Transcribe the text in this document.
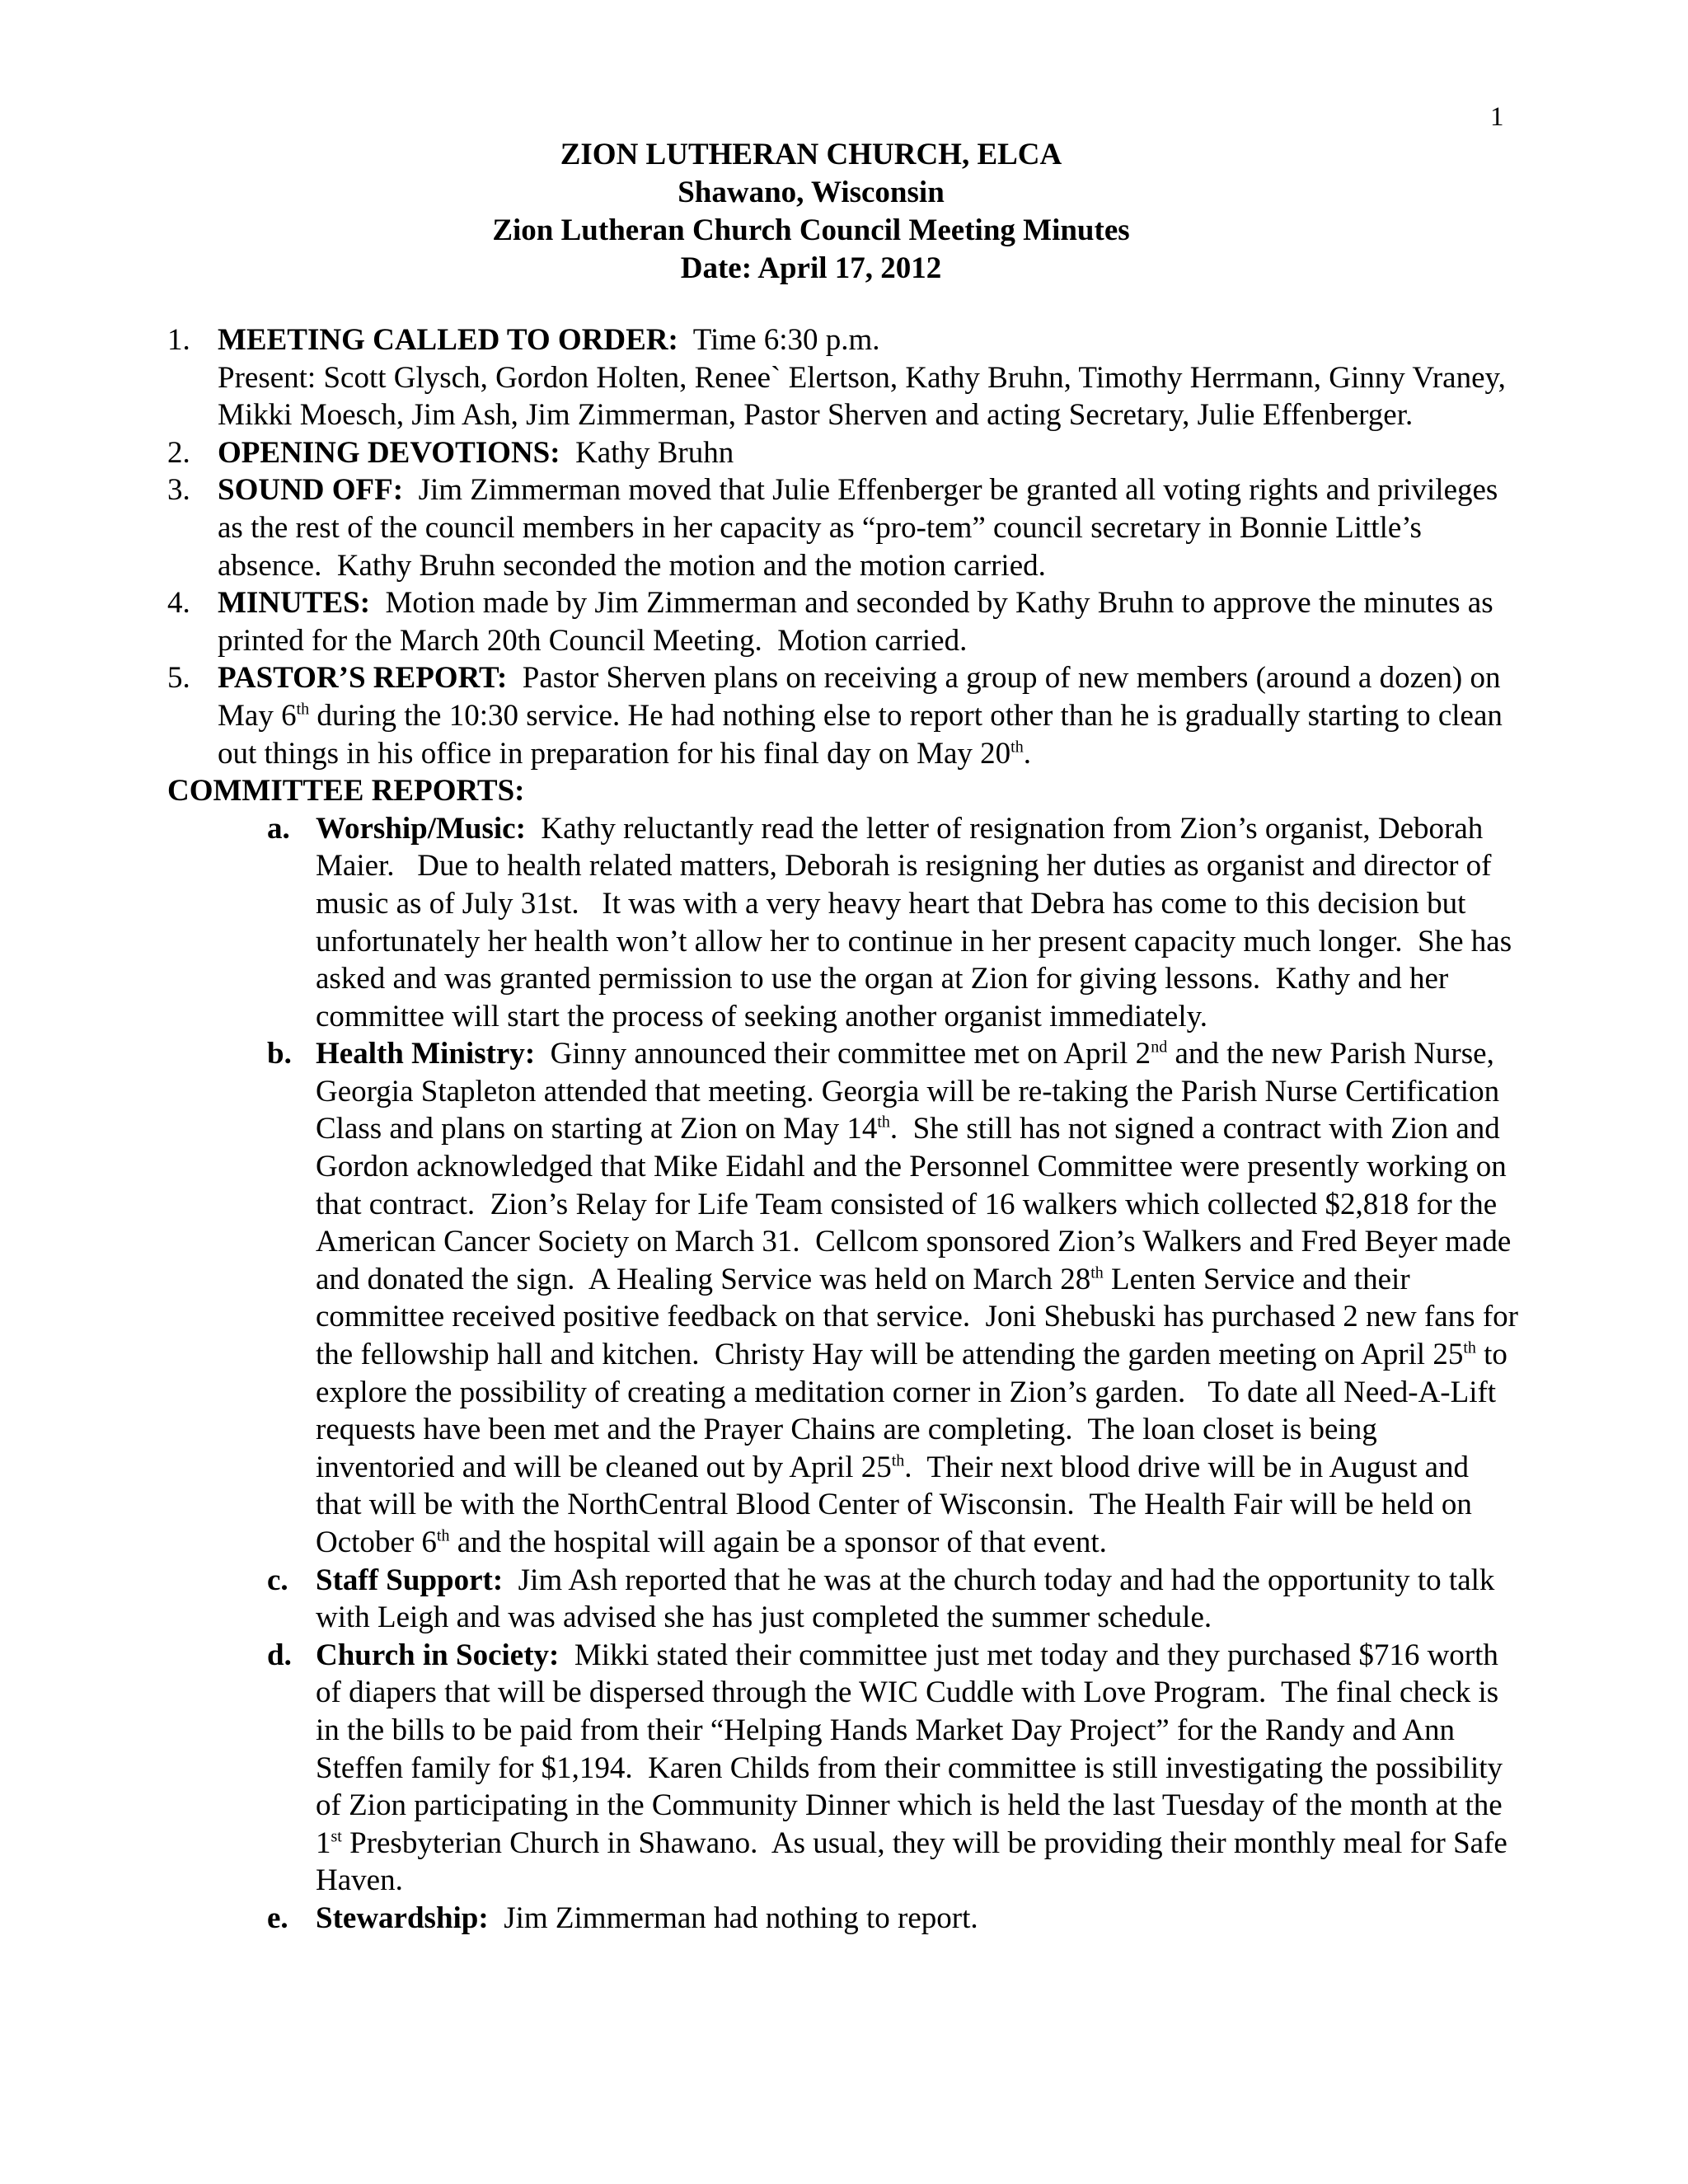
1
ZION LUTHERAN CHURCH, ELCA
Shawano, Wisconsin
Zion Lutheran Church Council Meeting Minutes
Date: April 17, 2012
1. MEETING CALLED TO ORDER:  Time 6:30 p.m.
Present: Scott Glysch, Gordon Holten, Renee` Elertson, Kathy Bruhn, Timothy Herrmann, Ginny Vraney, Mikki Moesch, Jim Ash, Jim Zimmerman, Pastor Sherven and acting Secretary, Julie Effenberger.
2. OPENING DEVOTIONS:  Kathy Bruhn
3. SOUND OFF:  Jim Zimmerman moved that Julie Effenberger be granted all voting rights and privileges as the rest of the council members in her capacity as “pro-tem” council secretary in Bonnie Little’s absence.  Kathy Bruhn seconded the motion and the motion carried.
4. MINUTES:  Motion made by Jim Zimmerman and seconded by Kathy Bruhn to approve the minutes as printed for the March 20th Council Meeting.  Motion carried.
5. PASTOR’S REPORT:  Pastor Sherven plans on receiving a group of new members (around a dozen) on May 6th during the 10:30 service. He had nothing else to report other than he is gradually starting to clean out things in his office in preparation for his final day on May 20th.
COMMITTEE REPORTS:
a. Worship/Music:  Kathy reluctantly read the letter of resignation from Zion’s organist, Deborah Maier.   Due to health related matters, Deborah is resigning her duties as organist and director of music as of July 31st.   It was with a very heavy heart that Debra has come to this decision but unfortunately her health won’t allow her to continue in her present capacity much longer.  She has asked and was granted permission to use the organ at Zion for giving lessons.  Kathy and her committee will start the process of seeking another organist immediately.
b. Health Ministry:  Ginny announced their committee met on April 2nd and the new Parish Nurse, Georgia Stapleton attended that meeting. Georgia will be re-taking the Parish Nurse Certification Class and plans on starting at Zion on May 14th.  She still has not signed a contract with Zion and Gordon acknowledged that Mike Eidahl and the Personnel Committee were presently working on that contract.  Zion’s Relay for Life Team consisted of 16 walkers which collected $2,818 for the American Cancer Society on March 31.  Cellcom sponsored Zion’s Walkers and Fred Beyer made and donated the sign.  A Healing Service was held on March 28th Lenten Service and their committee received positive feedback on that service.  Joni Shebuski has purchased 2 new fans for the fellowship hall and kitchen.  Christy Hay will be attending the garden meeting on April 25th to explore the possibility of creating a meditation corner in Zion’s garden.   To date all Need-A-Lift requests have been met and the Prayer Chains are completing.  The loan closet is being inventoried and will be cleaned out by April 25th.  Their next blood drive will be in August and that will be with the NorthCentral Blood Center of Wisconsin.  The Health Fair will be held on October 6th and the hospital will again be a sponsor of that event.
c. Staff Support:  Jim Ash reported that he was at the church today and had the opportunity to talk with Leigh and was advised she has just completed the summer schedule.
d. Church in Society:  Mikki stated their committee just met today and they purchased $716 worth of diapers that will be dispersed through the WIC Cuddle with Love Program.  The final check is in the bills to be paid from their “Helping Hands Market Day Project” for the Randy and Ann Steffen family for $1,194.  Karen Childs from their committee is still investigating the possibility of Zion participating in the Community Dinner which is held the last Tuesday of the month at the 1st Presbyterian Church in Shawano.  As usual, they will be providing their monthly meal for Safe Haven.
e. Stewardship:  Jim Zimmerman had nothing to report.
